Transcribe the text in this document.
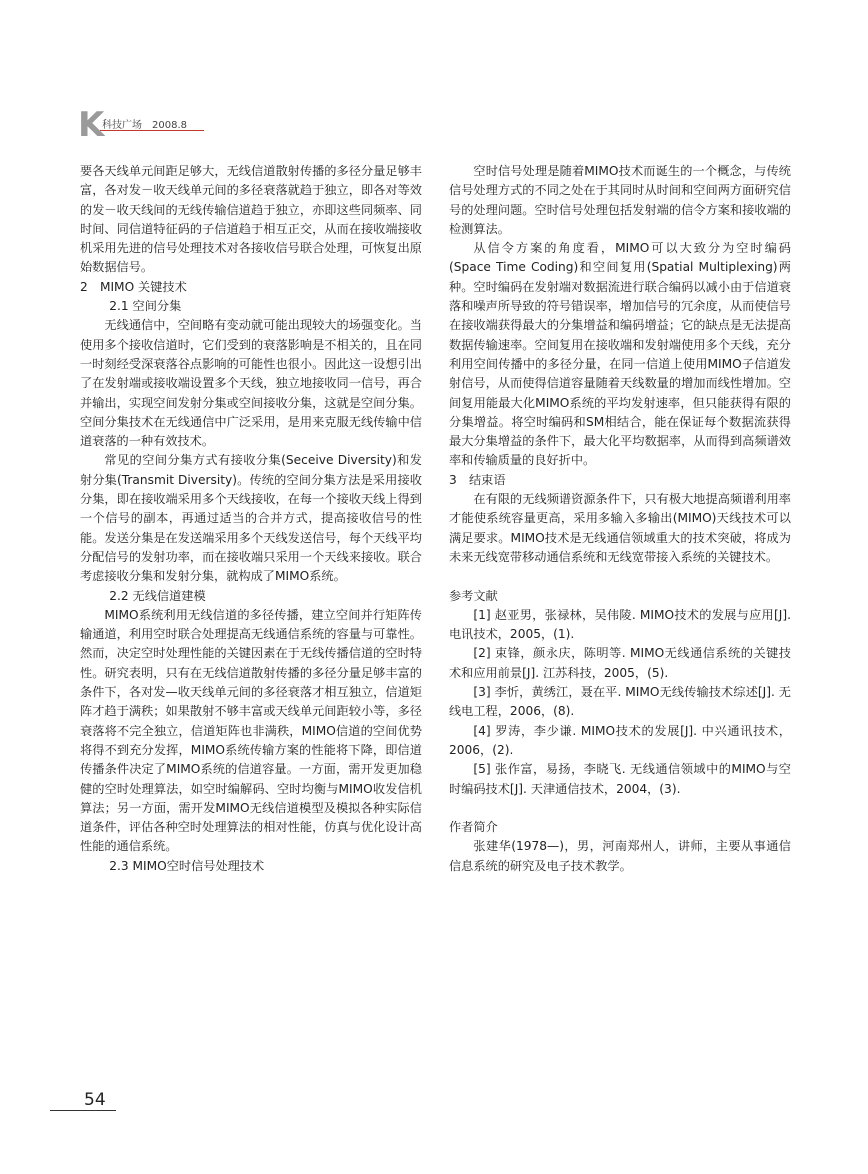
K
科技广场　2008.8

要各天线单元间距足够大，无线信道散射传播的多径分量足够丰富，各对发－收天线单元间的多径衰落就趋于独立，即各对等效的发－收天线间的无线传输信道趋于独立，亦即这些同频率、同时间、同信道特征码的子信道趋于相互正交，从而在接收端接收机采用先进的信号处理技术对各接收信号联合处理，可恢复出原始数据信号。

2　MIMO 关键技术

2.1 空间分集

无线通信中，空间略有变动就可能出现较大的场强变化。当使用多个接收信道时，它们受到的衰落影响是不相关的，且在同一时刻经受深衰落谷点影响的可能性也很小。因此这一设想引出了在发射端或接收端设置多个天线，独立地接收同一信号，再合并输出，实现空间发射分集或空间接收分集，这就是空间分集。空间分集技术在无线通信中广泛采用，是用来克服无线传输中信道衰落的一种有效技术。

常见的空间分集方式有接收分集(Seceive Diversity)和发射分集(Transmit Diversity)。传统的空间分集方法是采用接收分集，即在接收端采用多个天线接收，在每一个接收天线上得到一个信号的副本，再通过适当的合并方式，提高接收信号的性能。发送分集是在发送端采用多个天线发送信号，每个天线平均分配信号的发射功率，而在接收端只采用一个天线来接收。联合考虑接收分集和发射分集，就构成了MIMO系统。

2.2 无线信道建模

MIMO系统利用无线信道的多径传播，建立空间并行矩阵传输通道，利用空时联合处理提高无线通信系统的容量与可靠性。然而，决定空时处理性能的关键因素在于无线传播信道的空时特性。研究表明，只有在无线信道散射传播的多径分量足够丰富的条件下，各对发—收天线单元间的多径衰落才相互独立，信道矩阵才趋于满秩；如果散射不够丰富或天线单元间距较小等，多径衰落将不完全独立，信道矩阵也非满秩，MIMO信道的空间优势将得不到充分发挥，MIMO系统传输方案的性能将下降，即信道传播条件决定了MIMO系统的信道容量。一方面，需开发更加稳健的空时处理算法，如空时编解码、空时均衡与MIMO收发信机算法；另一方面，需开发MIMO无线信道模型及模拟各种实际信道条件，评估各种空时处理算法的相对性能，仿真与优化设计高性能的通信系统。

2.3 MIMO空时信号处理技术

空时信号处理是随着MIMO技术而诞生的一个概念，与传统信号处理方式的不同之处在于其同时从时间和空间两方面研究信号的处理问题。空时信号处理包括发射端的信令方案和接收端的检测算法。

从信令方案的角度看，MIMO可以大致分为空时编码(Space Time Coding)和空间复用(Spatial Multiplexing)两种。空时编码在发射端对数据流进行联合编码以减小由于信道衰落和噪声所导致的符号错误率，增加信号的冗余度，从而使信号在接收端获得最大的分集增益和编码增益；它的缺点是无法提高数据传输速率。空间复用在接收端和发射端使用多个天线，充分利用空间传播中的多径分量，在同一信道上使用MIMO子信道发射信号，从而使得信道容量随着天线数量的增加而线性增加。空间复用能最大化MIMO系统的平均发射速率，但只能获得有限的分集增益。将空时编码和SM相结合，能在保证每个数据流获得最大分集增益的条件下，最大化平均数据率，从而得到高频谱效率和传输质量的良好折中。

3　结束语

在有限的无线频谱资源条件下，只有极大地提高频谱利用率才能使系统容量更高，采用多输入多输出(MIMO)天线技术可以满足要求。MIMO技术是无线通信领域重大的技术突破，将成为未来无线宽带移动通信系统和无线宽带接入系统的关键技术。

参考文献

[1] 赵亚男，张禄林，吴伟陵. MIMO技术的发展与应用[J]. 电讯技术，2005，(1).

[2] 束锋，颜永庆，陈明等. MIMO无线通信系统的关键技术和应用前景[J]. 江苏科技，2005，(5).

[3] 李忻，黄绣江，聂在平. MIMO无线传输技术综述[J]. 无线电工程，2006，(8).

[4] 罗涛，李少谦. MIMO技术的发展[J]. 中兴通讯技术，2006，(2).

[5] 张作富，易扬，李晓飞. 无线通信领域中的MIMO与空时编码技术[J]. 天津通信技术，2004，(3).

作者简介

张建华(1978—)，男，河南郑州人，讲师，主要从事通信信息系统的研究及电子技术教学。

54
